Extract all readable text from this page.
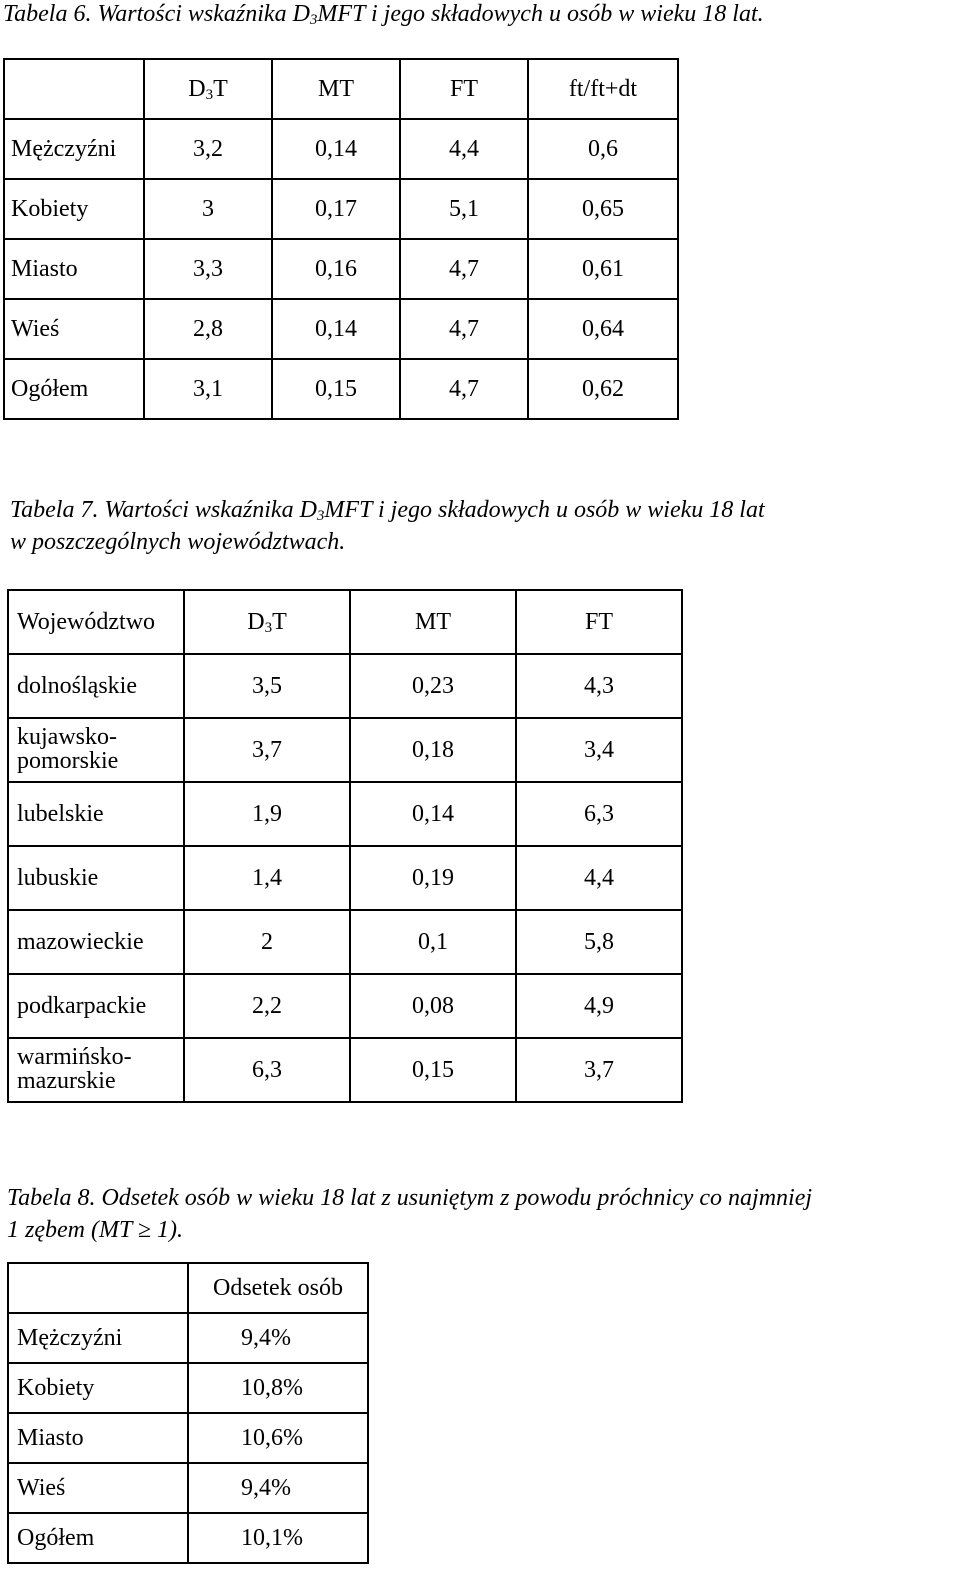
Tabela 6. Wartości wskaźnika $D_3MFT$ i jego składowych u osób w wieku 18 lat.
	$D_3T$	MT	FT	ft/ft+dt
Mężczyźni	3,2	0,14	4,4	0,6
Kobiety	3	0,17	5,1	0,65
Miasto	3,3	0,16	4,7	0,61
Wieś	2,8	0,14	4,7	0,64
Ogółem	3,1	0,15	4,7	0,62
Tabela 7. Wartości wskaźnika $D_3MFT$ i jego składowych u osób w wieku 18 lat
w poszczególnych województwach.
Województwo	$D_3T$	MT	FT
dolnośląskie	3,5	0,23	4,3
kujawsko-pomorskie	3,7	0,18	3,4
lubelskie	1,9	0,14	6,3
lubuskie	1,4	0,19	4,4
mazowieckie	2	0,1	5,8
podkarpackie	2,2	0,08	4,9
warmińsko-mazurskie	6,3	0,15	3,7
Tabela 8. Odsetek osób w wieku 18 lat z usuniętym z powodu próchnicy co najmniej
1 zębem (MT ≥ 1).
	Odsetek osób
Mężczyźni	9,4%
Kobiety	10,8%
Miasto	10,6%
Wieś	9,4%
Ogółem	10,1%
